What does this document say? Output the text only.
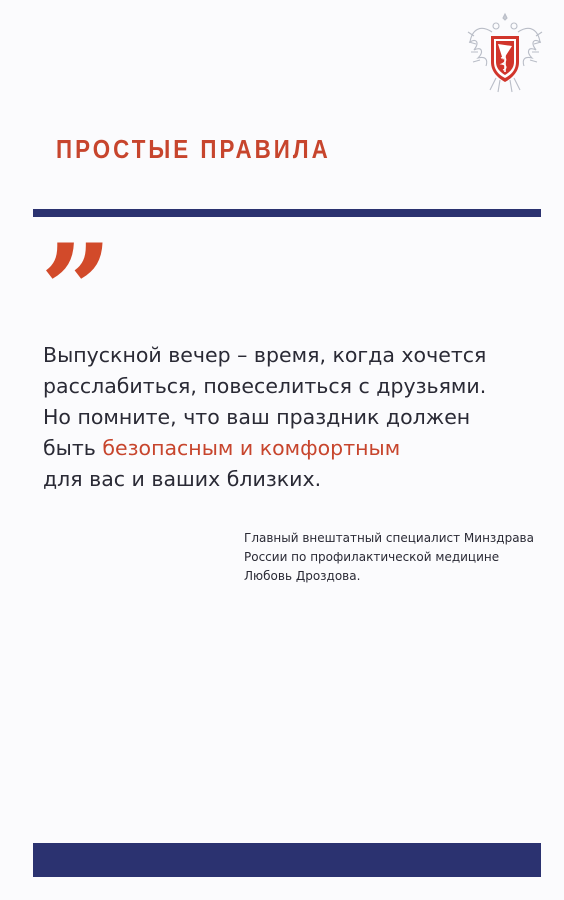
ПРОСТЫЕ ПРАВИЛА
”
Выпускной вечер – время, когда хочется
расслабиться, повеселиться с друзьями.
Но помните, что ваш праздник должен
быть безопасным и комфортным
для вас и ваших близких.
Главный внештатный специалист Минздрава
России по профилактической медицине
Любовь Дроздова.
